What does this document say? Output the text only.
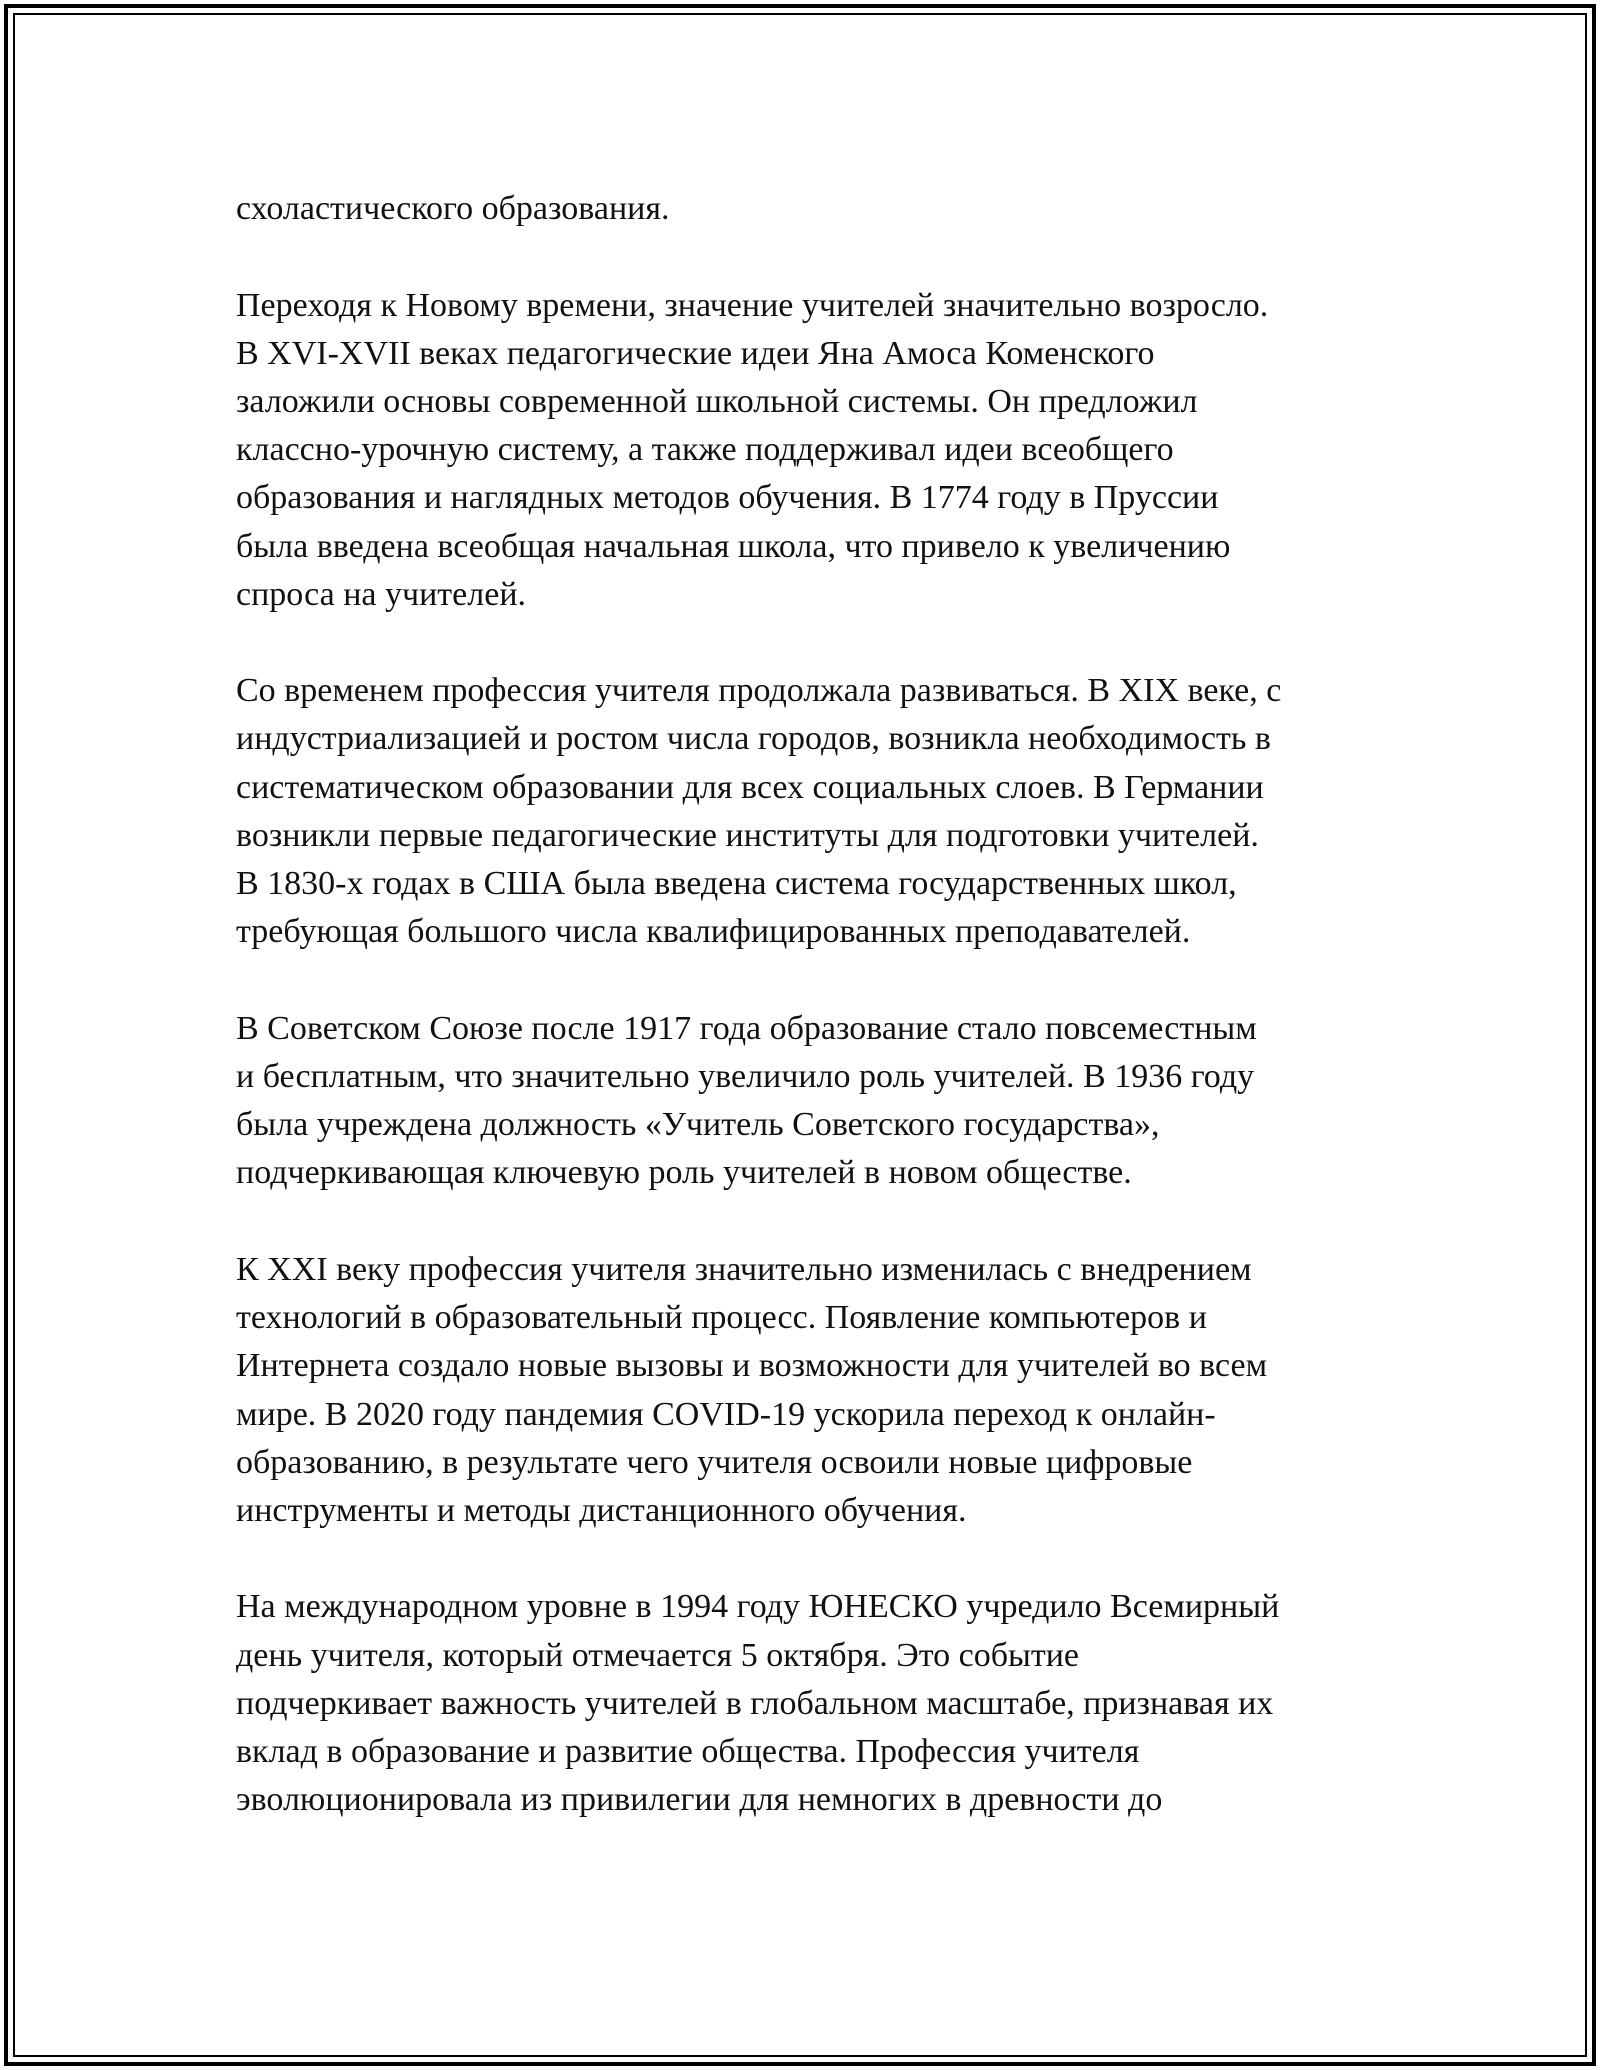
схоластического образования.
Переходя к Новому времени, значение учителей значительно возросло.
В XVI-XVII веках педагогические идеи Яна Амоса Коменского
заложили основы современной школьной системы. Он предложил
классно-урочную систему, а также поддерживал идеи всеобщего
образования и наглядных методов обучения. В 1774 году в Пруссии
была введена всеобщая начальная школа, что привело к увеличению
спроса на учителей.
Со временем профессия учителя продолжала развиваться. В XIX веке, с
индустриализацией и ростом числа городов, возникла необходимость в
систематическом образовании для всех социальных слоев. В Германии
возникли первые педагогические институты для подготовки учителей.
В 1830-х годах в США была введена система государственных школ,
требующая большого числа квалифицированных преподавателей.
В Советском Союзе после 1917 года образование стало повсеместным
и бесплатным, что значительно увеличило роль учителей. В 1936 году
была учреждена должность «Учитель Советского государства»,
подчеркивающая ключевую роль учителей в новом обществе.
К XXI веку профессия учителя значительно изменилась с внедрением
технологий в образовательный процесс. Появление компьютеров и
Интернета создало новые вызовы и возможности для учителей во всем
мире. В 2020 году пандемия COVID-19 ускорила переход к онлайн-
образованию, в результате чего учителя освоили новые цифровые
инструменты и методы дистанционного обучения.
На международном уровне в 1994 году ЮНЕСКО учредило Всемирный
день учителя, который отмечается 5 октября. Это событие
подчеркивает важность учителей в глобальном масштабе, признавая их
вклад в образование и развитие общества. Профессия учителя
эволюционировала из привилегии для немногих в древности до
